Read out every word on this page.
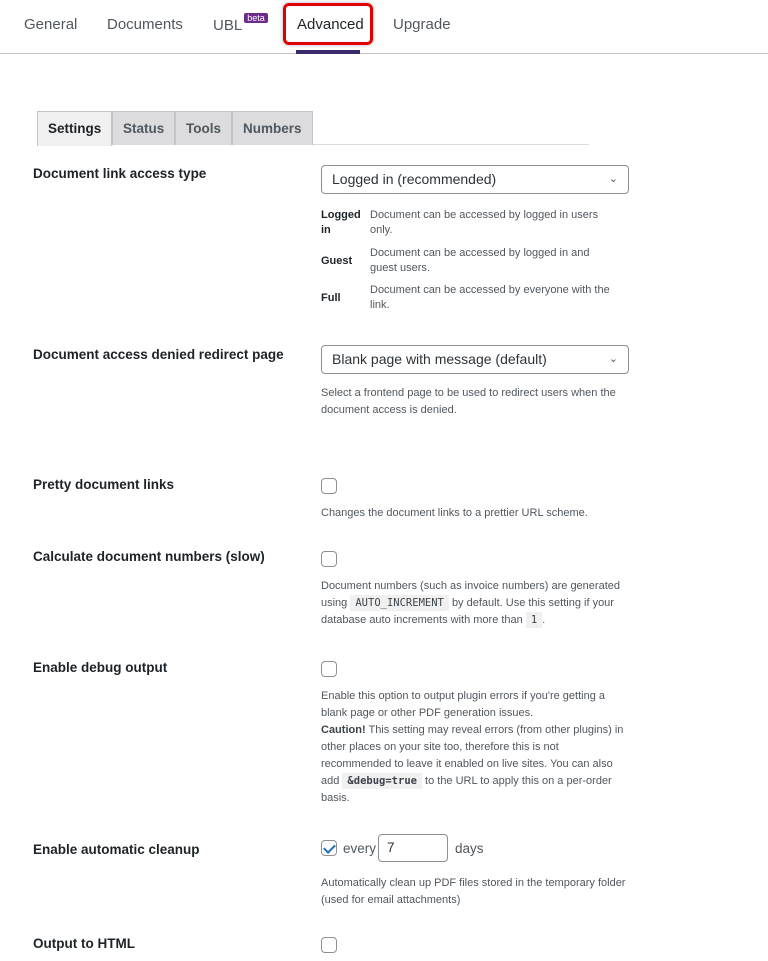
General Documents UBL $^{beta}$ Advanced Upgrade
Settings	Status	Tools	Numbers
Document link access type	Logged in (recommended)	⌄
Logged in
Document can be accessed by logged in users only.
Guest
Document can be accessed by logged in and guest users.
Full
Document can be accessed by everyone with the link.
Document access denied redirect page	Blank page with message (default)	⌄
Select a frontend page to be used to redirect users when the document access is denied.
Pretty document links
Changes the document links to a prettier URL scheme.
Calculate document numbers (slow)
Document numbers (such as invoice numbers) are generated using AUTO_INCREMENT by default. Use this setting if your database auto increments with more than 1 .
Enable debug output
Enable this option to output plugin errors if you're getting a blank page or other PDF generation issues.
Caution! This setting may reveal errors (from other plugins) in other places on your site too, therefore this is not recommended to leave it enabled on live sites. You can also add &debug=true to the URL to apply this on a per-order basis.
Enable automatic cleanup	every 7	days
Automatically clean up PDF files stored in the temporary folder (used for email attachments)
Output to HTML
